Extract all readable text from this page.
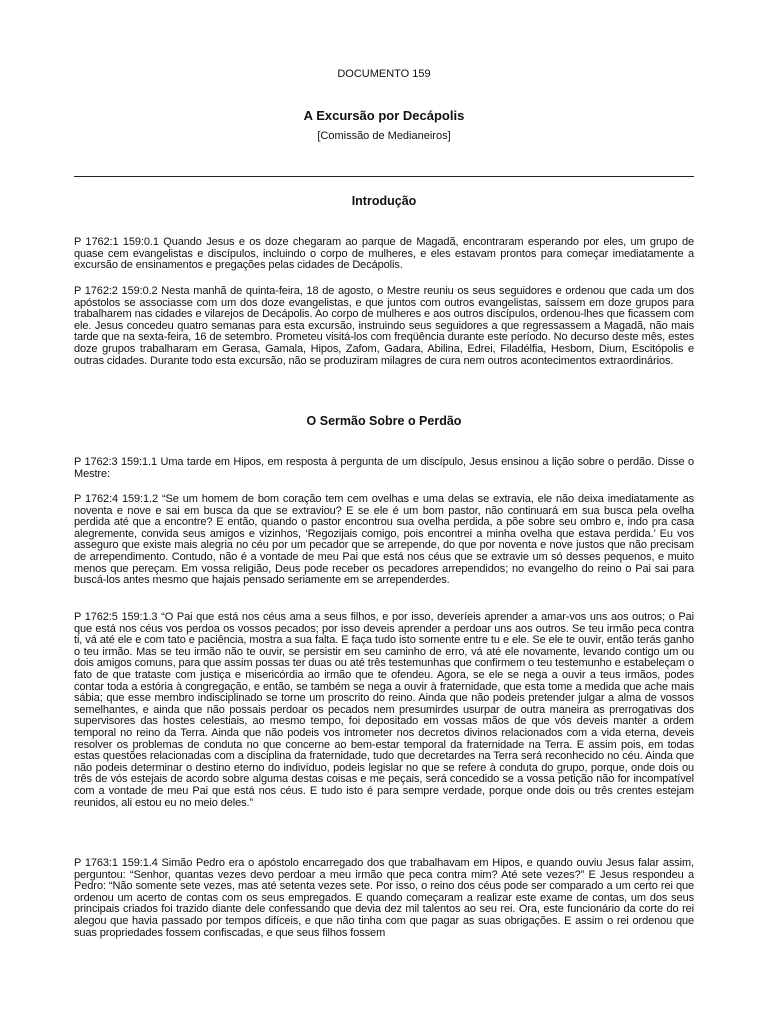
DOCUMENTO 159
A Excursão por Decápolis
[Comissão de Medianeiros]
Introdução

P 1762:1 159:0.1 Quando Jesus e os doze chegaram ao parque de Magadã, encontraram esperando por eles, um grupo de quase cem evangelistas e discípulos, incluindo o corpo de mulheres, e eles estavam prontos para começar imediatamente a excursão de ensinamentos e pregações pelas cidades de Decápolis.

P 1762:2 159:0.2 Nesta manhã de quinta-feira, 18 de agosto, o Mestre reuniu os seus seguidores e ordenou que cada um dos apóstolos se associasse com um dos doze evangelistas, e que juntos com outros evangelistas, saíssem em doze grupos para trabalharem nas cidades e vilarejos de Decápolis. Ao corpo de mulheres e aos outros discípulos, ordenou-lhes que ficassem com ele. Jesus concedeu quatro semanas para esta excursão, instruindo seus seguidores a que regressassem a Magadã, não mais tarde que na sexta-feira, 16 de setembro. Prometeu visitá-los com freqüência durante este período. No decurso deste mês, estes doze grupos trabalharam em Gerasa, Gamala, Hipos, Zafom, Gadara, Abilina, Edrei, Filadélfia, Hesbom, Dium, Escitópolis e outras cidades. Durante todo esta excursão, não se produziram milagres de cura nem outros acontecimentos extraordinários.

O Sermão Sobre o Perdão

P 1762:3 159:1.1 Uma tarde em Hipos, em resposta à pergunta de um discípulo, Jesus ensinou a lição sobre o perdão. Disse o Mestre:

P 1762:4 159:1.2 “Se um homem de bom coração tem cem ovelhas e uma delas se extravia, ele não deixa imediatamente as noventa e nove e sai em busca da que se extraviou? E se ele é um bom pastor, não continuará em sua busca pela ovelha perdida até que a encontre? E então, quando o pastor encontrou sua ovelha perdida, a põe sobre seu ombro e, indo pra casa alegremente, convida seus amigos e vizinhos, ‘Regozijais comigo, pois encontrei a minha ovelha que estava perdida.’ Eu vos asseguro que existe mais alegria no céu por um pecador que se arrepende, do que por noventa e nove justos que não precisam de arrependimento. Contudo, não é a vontade de meu Pai que está nos céus que se extravie um só desses pequenos, e muito menos que pereçam. Em vossa religião, Deus pode receber os pecadores arrependidos; no evangelho do reino o Pai sai para buscá-los antes mesmo que hajais pensado seriamente em se arrependerdes.

P 1762:5 159:1.3 “O Pai que está nos céus ama a seus filhos, e por isso, deveríeis aprender a amar-vos uns aos outros; o Pai que está nos céus vos perdoa os vossos pecados; por isso deveis aprender a perdoar uns aos outros. Se teu irmão peca contra ti, vá até ele e com tato e paciência, mostra a sua falta. E faça tudo isto somente entre tu e ele. Se ele te ouvir, então terás ganho o teu irmão. Mas se teu irmão não te ouvir, se persistir em seu caminho de erro, vá até ele novamente, levando contigo um ou dois amigos comuns, para que assim possas ter duas ou até três testemunhas que confirmem o teu testemunho e estabeleçam o fato de que trataste com justiça e misericórdia ao irmão que te ofendeu. Agora, se ele se nega a ouvir a teus irmãos, podes contar toda a estória à congregação, e então, se também se nega a ouvir à fraternidade, que esta tome a medida que ache mais sábia; que esse membro indisciplinado se torne um proscrito do reino. Ainda que não podeis pretender julgar a alma de vossos semelhantes, e ainda que não possais perdoar os pecados nem presumirdes usurpar de outra maneira as prerrogativas dos supervisores das hostes celestiais, ao mesmo tempo, foi depositado em vossas mãos de que vós deveis manter a ordem temporal no reino da Terra. Ainda que não podeis vos intrometer nos decretos divinos relacionados com a vida eterna, deveis resolver os problemas de conduta no que concerne ao bem-estar temporal da fraternidade na Terra. E assim pois, em todas estas questões relacionadas com a disciplina da fraternidade, tudo que decretardes na Terra será reconhecido no céu. Ainda que não podeis determinar o destino eterno do indivíduo, podeis legislar no que se refere à conduta do grupo, porque, onde dois ou três de vós estejais de acordo sobre alguma destas coisas e me peçais, será concedido se a vossa petição não for incompatível com a vontade de meu Pai que está nos céus. E tudo isto é para sempre verdade, porque onde dois ou três crentes estejam reunidos, ali estou eu no meio deles.”

P 1763:1 159:1.4 Simão Pedro era o apóstolo encarregado dos que trabalhavam em Hipos, e quando ouviu Jesus falar assim, perguntou: “Senhor, quantas vezes devo perdoar a meu irmão que peca contra mim? Até sete vezes?” E Jesus respondeu a Pedro: “Não somente sete vezes, mas até setenta vezes sete. Por isso, o reino dos céus pode ser comparado a um certo rei que ordenou um acerto de contas com os seus empregados. E quando começaram a realizar este exame de contas, um dos seus principais criados foi trazido diante dele confessando que devia dez mil talentos ao seu rei. Ora, este funcionário da corte do rei alegou que havia passado por tempos difíceis, e que não tinha com que pagar as suas obrigações. E assim o rei ordenou que suas propriedades fossem confiscadas, e que seus filhos fossem
